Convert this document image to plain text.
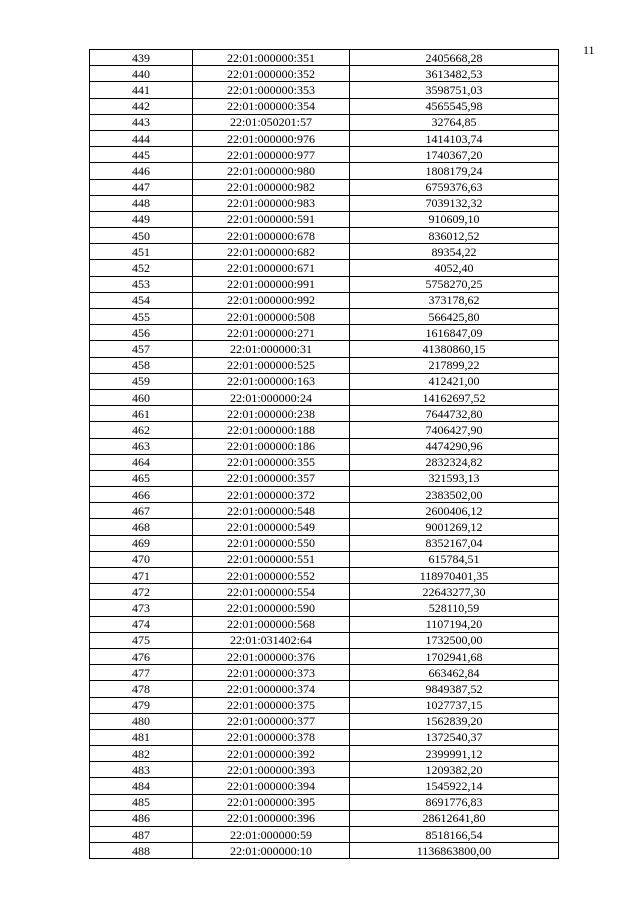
11
439	22:01:000000:351	2405668,28
440	22:01:000000:352	3613482,53
441	22:01:000000:353	3598751,03
442	22:01:000000:354	4565545,98
443	22:01:050201:57	32764,85
444	22:01:000000:976	1414103,74
445	22:01:000000:977	1740367,20
446	22:01:000000:980	1808179,24
447	22:01:000000:982	6759376,63
448	22:01:000000:983	7039132,32
449	22:01:000000:591	910609,10
450	22:01:000000:678	836012,52
451	22:01:000000:682	89354,22
452	22:01:000000:671	4052,40
453	22:01:000000:991	5758270,25
454	22:01:000000:992	373178,62
455	22:01:000000:508	566425,80
456	22:01:000000:271	1616847,09
457	22:01:000000:31	41380860,15
458	22:01:000000:525	217899,22
459	22:01:000000:163	412421,00
460	22:01:000000:24	14162697,52
461	22:01:000000:238	7644732,80
462	22:01:000000:188	7406427,90
463	22:01:000000:186	4474290,96
464	22:01:000000:355	2832324,82
465	22:01:000000:357	321593,13
466	22:01:000000:372	2383502,00
467	22:01:000000:548	2600406,12
468	22:01:000000:549	9001269,12
469	22:01:000000:550	8352167,04
470	22:01:000000:551	615784,51
471	22:01:000000:552	118970401,35
472	22:01:000000:554	22643277,30
473	22:01:000000:590	528110,59
474	22:01:000000:568	1107194,20
475	22:01:031402:64	1732500,00
476	22:01:000000:376	1702941,68
477	22:01:000000:373	663462,84
478	22:01:000000:374	9849387,52
479	22:01:000000:375	1027737,15
480	22:01:000000:377	1562839,20
481	22:01:000000:378	1372540,37
482	22:01:000000:392	2399991,12
483	22:01:000000:393	1209382,20
484	22:01:000000:394	1545922,14
485	22:01:000000:395	8691776,83
486	22:01:000000:396	28612641,80
487	22:01:000000:59	8518166,54
488	22:01:000000:10	1136863800,00
